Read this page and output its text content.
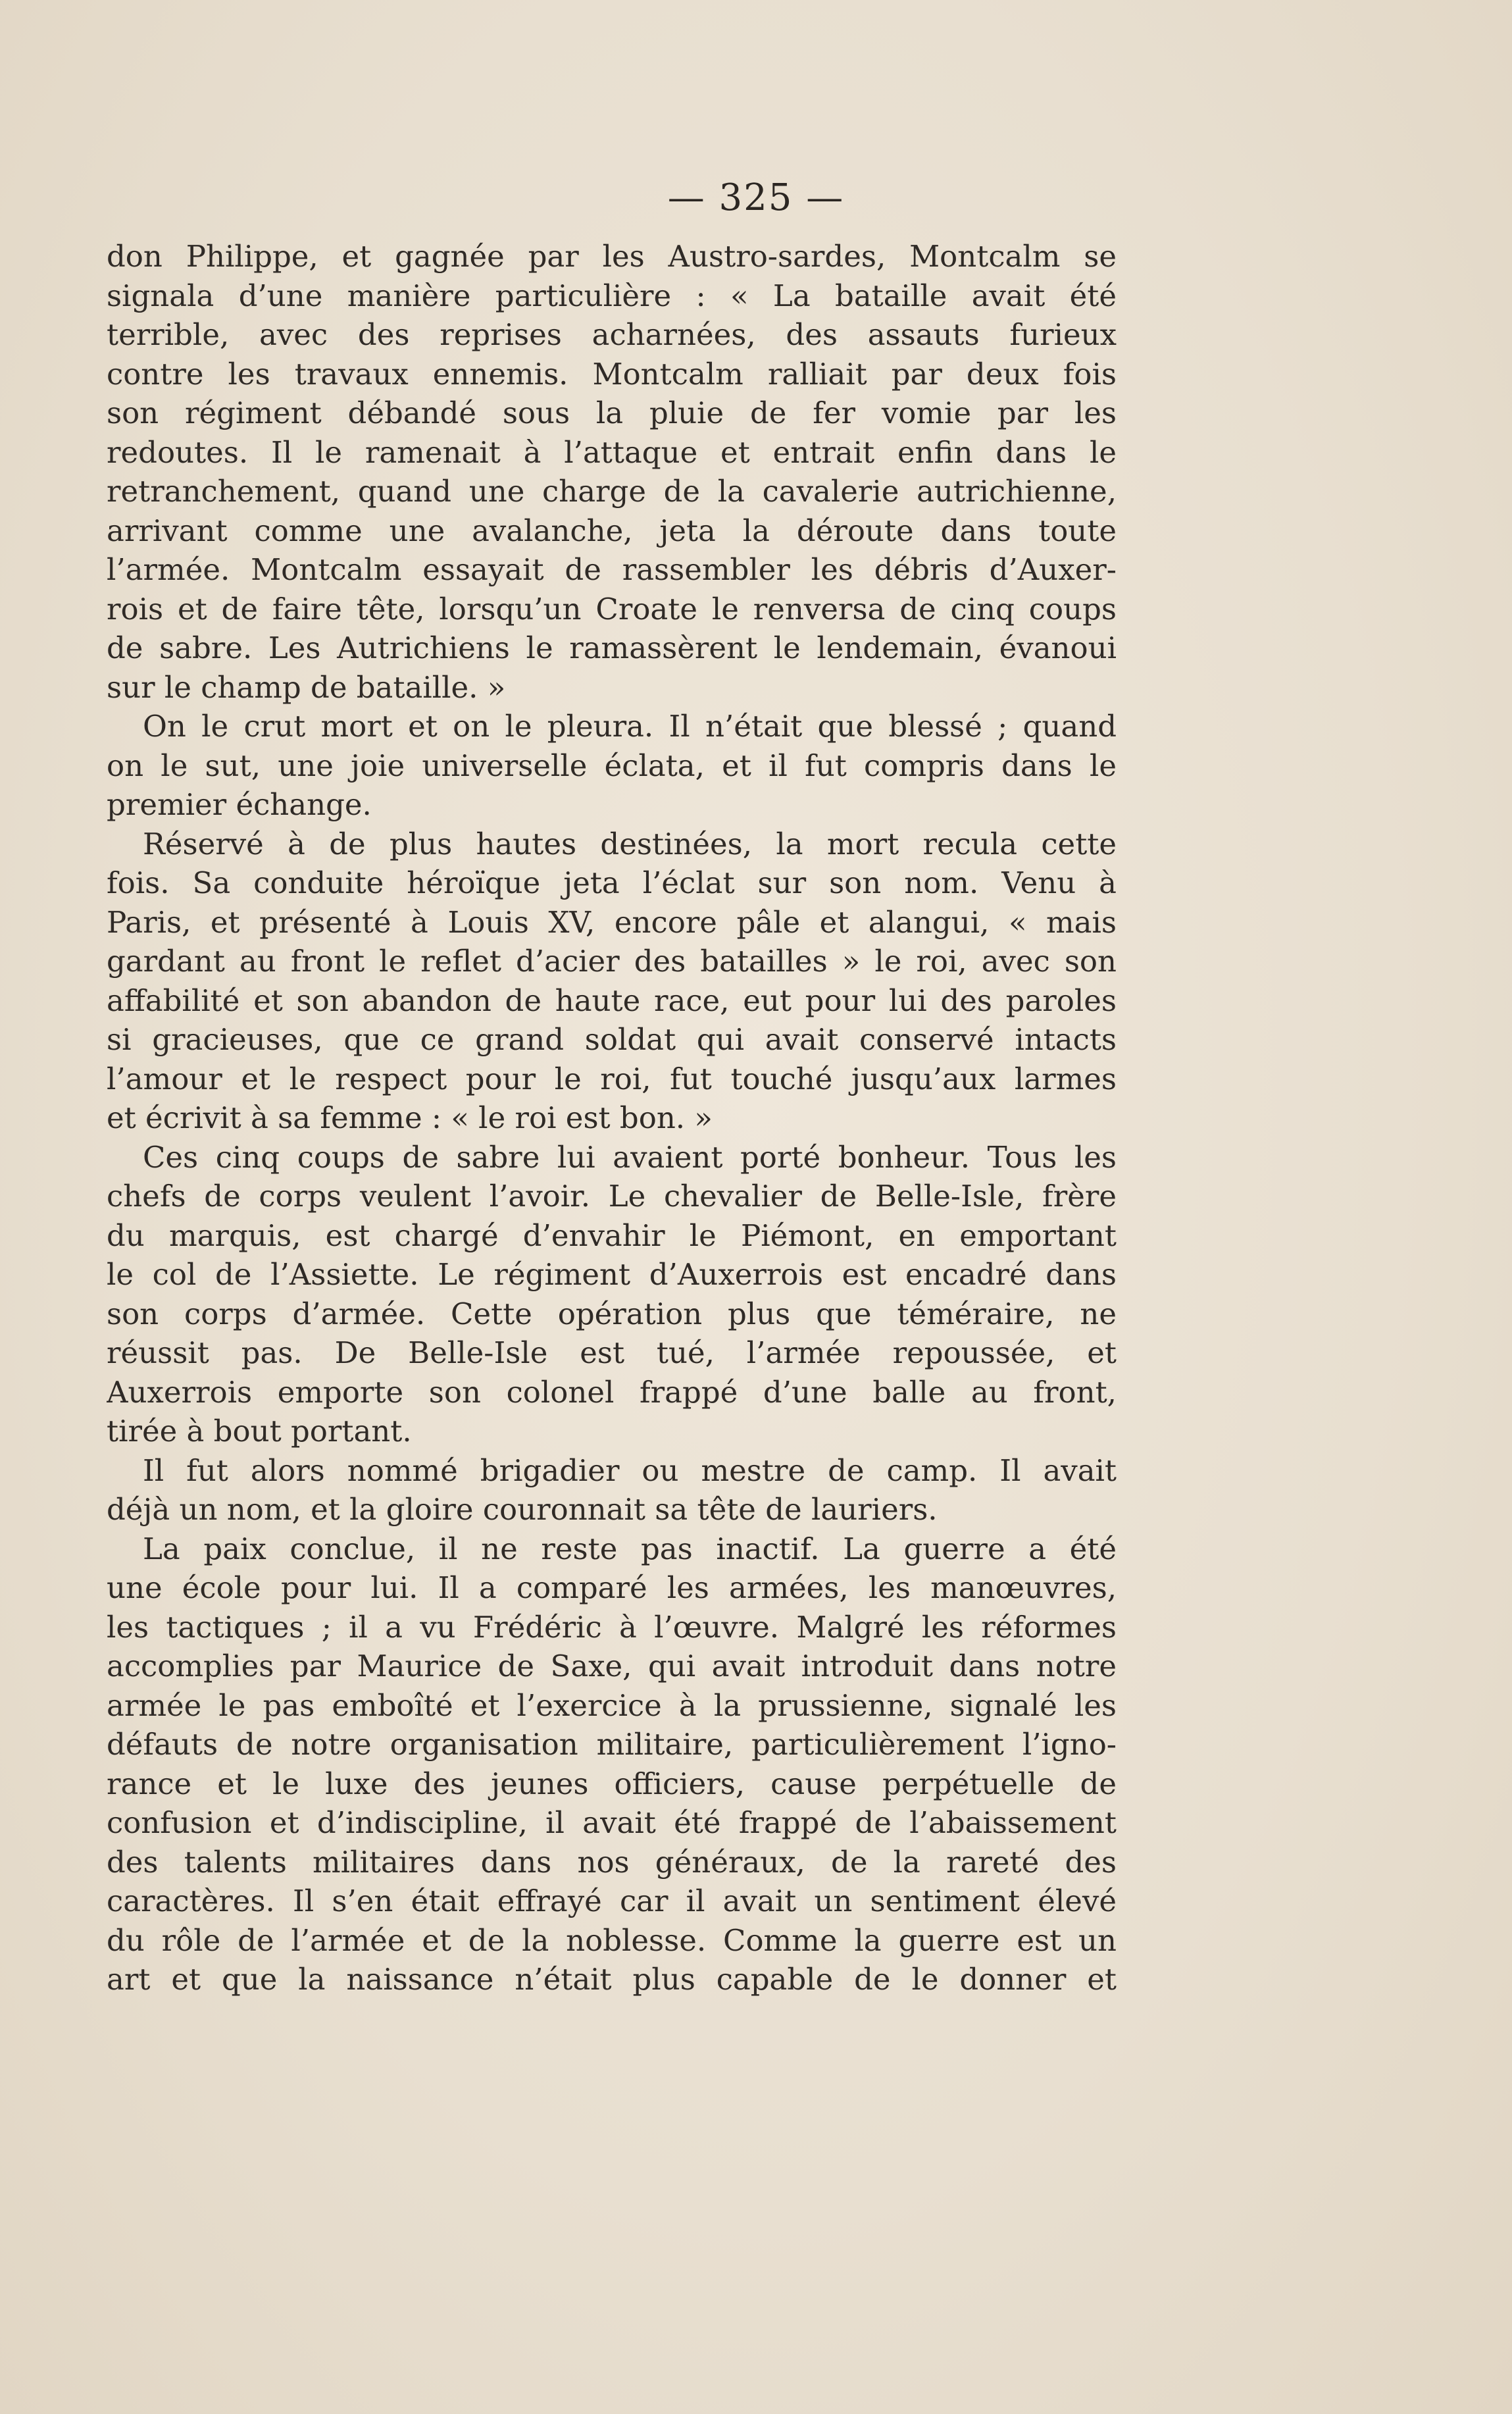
— 325 —
don Philippe, et gagnée par les Austro-sardes, Montcalm se
signala d’une manière particulière : « La bataille avait été
terrible, avec des reprises acharnées, des assauts furieux
contre les travaux ennemis. Montcalm ralliait par deux fois
son régiment débandé sous la pluie de fer vomie par les
redoutes. Il le ramenait à l’attaque et entrait enfin dans le
retranchement, quand une charge de la cavalerie autrichienne,
arrivant comme une avalanche, jeta la déroute dans toute
l’armée. Montcalm essayait de rassembler les débris d’Auxer-
rois et de faire tête, lorsqu’un Croate le renversa de cinq coups
de sabre. Les Autrichiens le ramassèrent le lendemain, évanoui
sur le champ de bataille. »
On le crut mort et on le pleura. Il n’était que blessé ; quand
on le sut, une joie universelle éclata, et il fut compris dans le
premier échange.
Réservé à de plus hautes destinées, la mort recula cette
fois. Sa conduite héroïque jeta l’éclat sur son nom. Venu à
Paris, et présenté à Louis XV, encore pâle et alangui, « mais
gardant au front le reflet d’acier des batailles » le roi, avec son
affabilité et son abandon de haute race, eut pour lui des paroles
si gracieuses, que ce grand soldat qui avait conservé intacts
l’amour et le respect pour le roi, fut touché jusqu’aux larmes
et écrivit à sa femme : « le roi est bon. »
Ces cinq coups de sabre lui avaient porté bonheur. Tous les
chefs de corps veulent l’avoir. Le chevalier de Belle-Isle, frère
du marquis, est chargé d’envahir le Piémont, en emportant
le col de l’Assiette. Le régiment d’Auxerrois est encadré dans
son corps d’armée. Cette opération plus que téméraire, ne
réussit pas. De Belle-Isle est tué, l’armée repoussée, et
Auxerrois emporte son colonel frappé d’une balle au front,
tirée à bout portant.
Il fut alors nommé brigadier ou mestre de camp. Il avait
déjà un nom, et la gloire couronnait sa tête de lauriers.
La paix conclue, il ne reste pas inactif. La guerre a été
une école pour lui. Il a comparé les armées, les manœuvres,
les tactiques ; il a vu Frédéric à l’œuvre. Malgré les réformes
accomplies par Maurice de Saxe, qui avait introduit dans notre
armée le pas emboîté et l’exercice à la prussienne, signalé les
défauts de notre organisation militaire, particulièrement l’igno-
rance et le luxe des jeunes officiers, cause perpétuelle de
confusion et d’indiscipline, il avait été frappé de l’abaissement
des talents militaires dans nos généraux, de la rareté des
caractères. Il s’en était effrayé car il avait un sentiment élevé
du rôle de l’armée et de la noblesse. Comme la guerre est un
art et que la naissance n’était plus capable de le donner et
